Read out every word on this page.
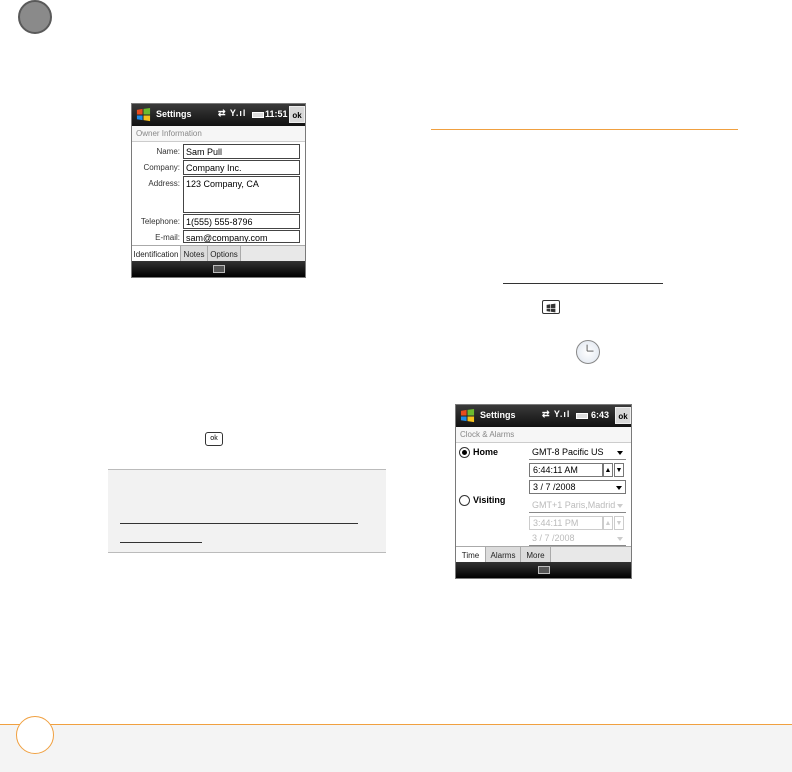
Settings	⇄ Y.ıl 11:51 ok
Owner Information
Name: Sam Pull
Company: Company Inc.
Address: 123 Company, CA
Telephone: 1(555) 555-8796
E-mail: sam@company.com
Identification Notes Options
ok
Settings	⇄ Y.ıl 6:43	ok
Clock & Alarms
Home	GMT-8 Pacific US
6:44:11 AM	▲ ▼
3 / 7 /2008
Visiting	GMT+1 Paris,Madrid
3:44:11 PM	▲ ▼
3 / 7 /2008
Time	Alarms	More
